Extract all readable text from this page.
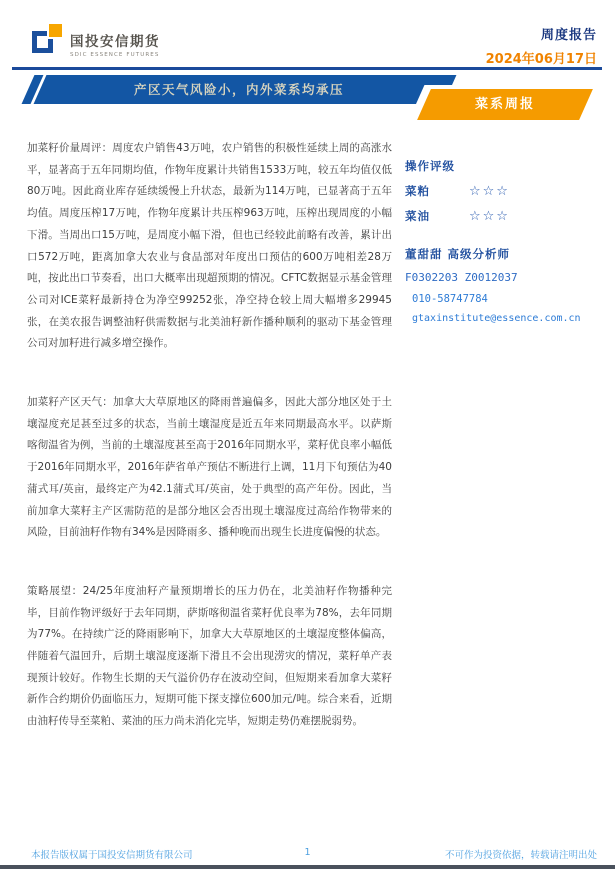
国投安信期货
SDIC ESSENCE FUTURES
周度报告
2024年06月17日
产区天气风险小，内外菜系均承压
菜系周报

加菜籽价量周评：周度农户销售43万吨，农户销售的积极性延续上周的高涨水平，显著高于五年同期均值，作物年度累计共销售1533万吨，较五年均值仅低80万吨。因此商业库存延续缓慢上升状态，最新为114万吨，已显著高于五年均值。周度压榨17万吨，作物年度累计共压榨963万吨，压榨出现周度的小幅下滑。当周出口15万吨，是周度小幅下滑，但也已经较此前略有改善，累计出口572万吨，距离加拿大农业与食品部对年度出口预估的600万吨相差28万吨，按此出口节奏看，出口大概率出现超预期的情况。CFTC数据显示基金管理公司对ICE菜籽最新持仓为净空99252张，净空持仓较上周大幅增多29945张，在美农报告调整油籽供需数据与北美油籽新作播种顺利的驱动下基金管理公司对加籽进行减多增空操作。

加菜籽产区天气：加拿大大草原地区的降雨普遍偏多，因此大部分地区处于土壤湿度充足甚至过多的状态，当前土壤湿度是近五年来同期最高水平。以萨斯喀彻温省为例，当前的土壤湿度甚至高于2016年同期水平，菜籽优良率小幅低于2016年同期水平，2016年萨省单产预估不断进行上调，11月下旬预估为40蒲式耳/英亩，最终定产为42.1蒲式耳/英亩，处于典型的高产年份。因此，当前加拿大菜籽主产区需防范的是部分地区会否出现土壤湿度过高给作物带来的风险，目前油籽作物有34%是因降雨多、播种晚而出现生长进度偏慢的状态。

策略展望：24/25年度油籽产量预期增长的压力仍在，北美油籽作物播种完毕，目前作物评级好于去年同期，萨斯喀彻温省菜籽优良率为78%，去年同期为77%。在持续广泛的降雨影响下，加拿大大草原地区的土壤湿度整体偏高，伴随着气温回升，后期土壤湿度逐渐下滑且不会出现涝灾的情况，菜籽单产表现预计较好。作物生长期的天气溢价仍存在波动空间，但短期来看加拿大菜籽新作合约期价仍面临压力，短期可能下探支撑位600加元/吨。综合来看，近期由油籽传导至菜粕、菜油的压力尚未消化完毕，短期走势仍难摆脱弱势。

操作评级
菜粕	☆☆☆
菜油	☆☆☆
董甜甜 高级分析师
F0302203 Z0012037
010-58747784
gtaxinstitute@essence.com.cn
本报告版权属于国投安信期货有限公司	1	不可作为投资依据，转载请注明出处
